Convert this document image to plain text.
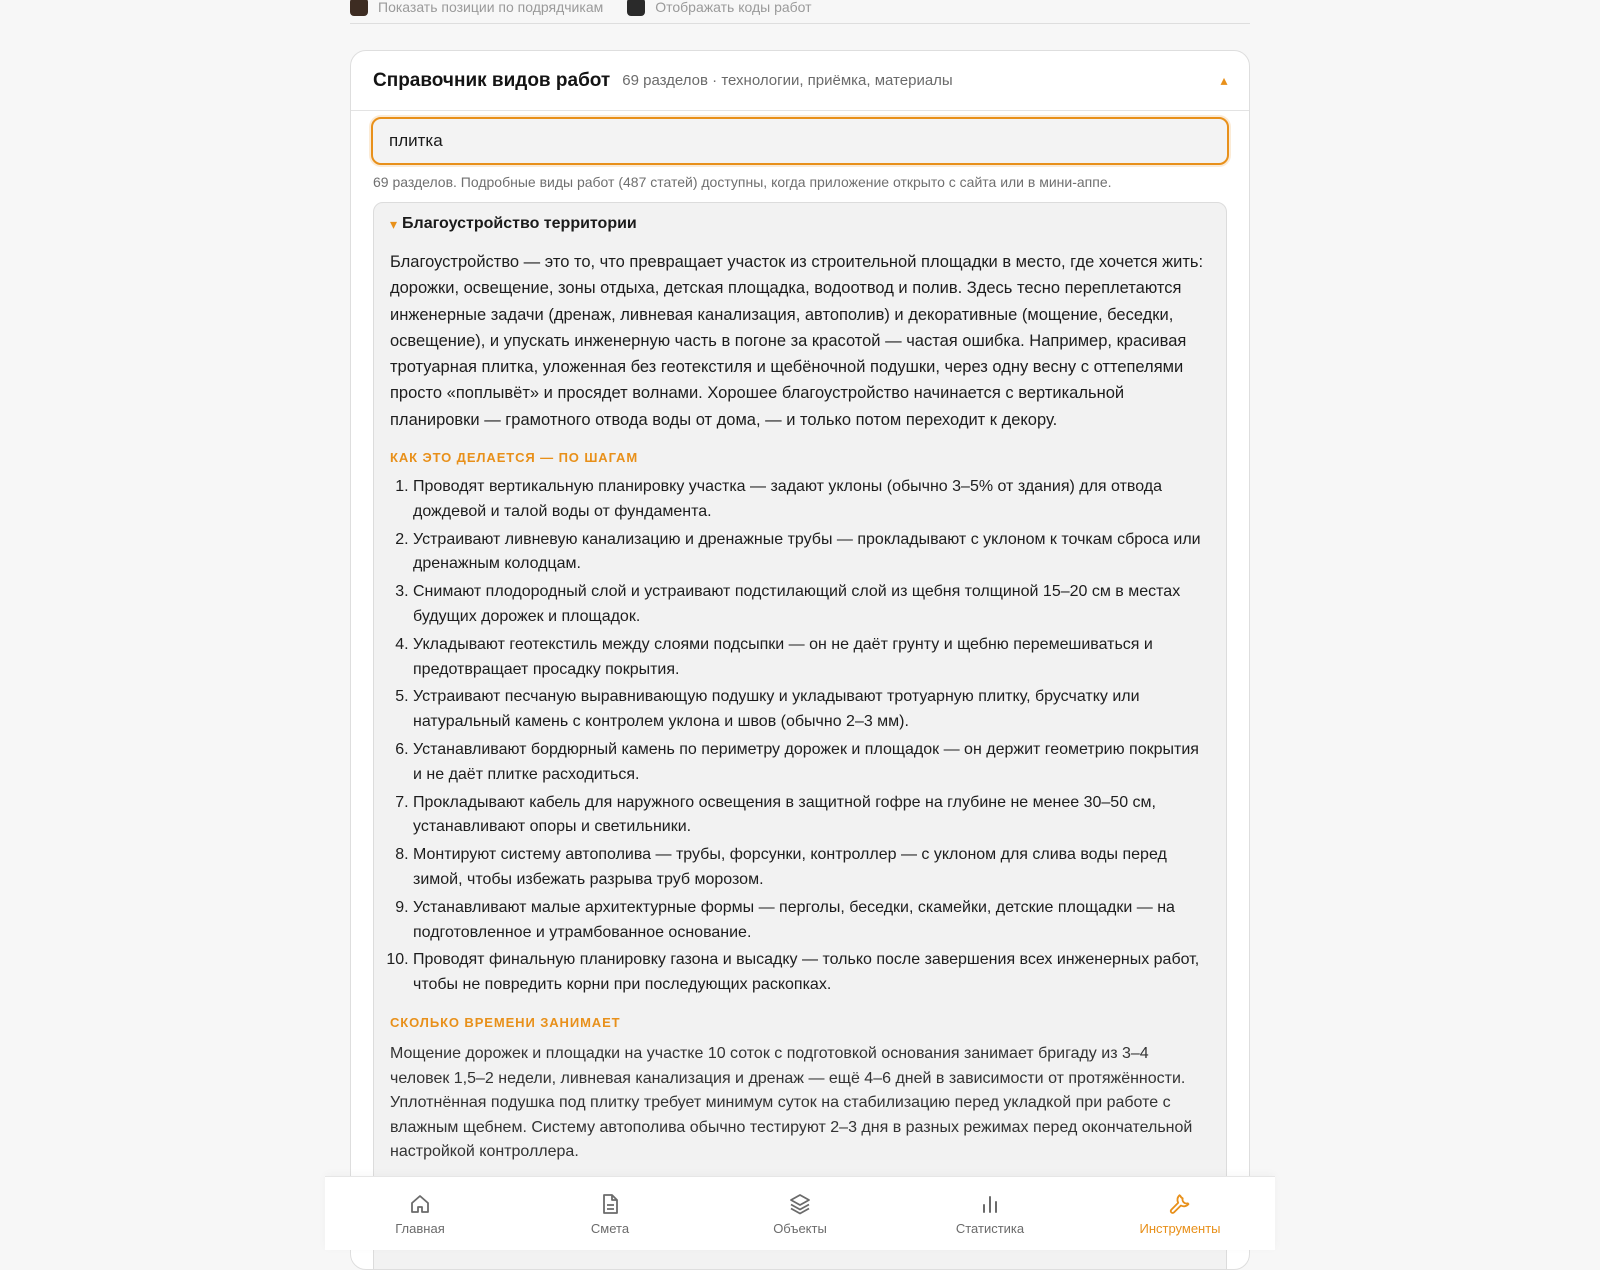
Показать позиции по подрядчикам	Отображать коды работ
Справочник видов работ 69 разделов · технологии, приёмка, материалы	▴
плитка
69 разделов. Подробные виды работ (487 статей) доступны, когда приложение открыто с сайта или в мини-аппе.
▾ Благоустройство территории

Благоустройство — это то, что превращает участок из строительной площадки в место, где хочется жить: дорожки, освещение, зоны отдыха, детская площадка, водоотвод и полив. Здесь тесно переплетаются инженерные задачи (дренаж, ливневая канализация, автополив) и декоративные (мощение, беседки, освещение), и упускать инженерную часть в погоне за красотой — частая ошибка. Например, красивая тротуарная плитка, уложенная без геотекстиля и щебёночной подушки, через одну весну с оттепелями просто «поплывёт» и просядет волнами. Хорошее благоустройство начинается с вертикальной планировки — грамотного отвода воды от дома, — и только потом переходит к декору.

КАК ЭТО ДЕЛАЕТСЯ — ПО ШАГАМ
1. Проводят вертикальную планировку участка — задают уклоны (обычно 3–5% от здания) для отвода дождевой и талой воды от фундамента.
2. Устраивают ливневую канализацию и дренажные трубы — прокладывают с уклоном к точкам сброса или дренажным колодцам.
3. Снимают плодородный слой и устраивают подстилающий слой из щебня толщиной 15–20 см в местах будущих дорожек и площадок.
4. Укладывают геотекстиль между слоями подсыпки — он не даёт грунту и щебню перемешиваться и предотвращает просадку покрытия.
5. Устраивают песчаную выравнивающую подушку и укладывают тротуарную плитку, брусчатку или натуральный камень с контролем уклона и швов (обычно 2–3 мм).
6. Устанавливают бордюрный камень по периметру дорожек и площадок — он держит геометрию покрытия и не даёт плитке расходиться.
7. Прокладывают кабель для наружного освещения в защитной гофре на глубине не менее 30–50 см, устанавливают опоры и светильники.
8. Монтируют систему автополива — трубы, форсунки, контроллер — с уклоном для слива воды перед зимой, чтобы избежать разрыва труб морозом.
9. Устанавливают малые архитектурные формы — перголы, беседки, скамейки, детские площадки — на подготовленное и утрамбованное основание.
10. Проводят финальную планировку газона и высадку — только после завершения всех инженерных работ, чтобы не повредить корни при последующих раскопках.
СКОЛЬКО ВРЕМЕНИ ЗАНИМАЕТ

Мощение дорожек и площадки на участке 10 соток с подготовкой основания занимает бригаду из 3–4 человек 1,5–2 недели, ливневая канализация и дренаж — ещё 4–6 дней в зависимости от протяжённости. Уплотнённая подушка под плитку требует минимум суток на стабилизацию перед укладкой при работе с влажным щебнем. Систему автополива обычно тестируют 2–3 дня в разных режимах перед окончательной настройкой контроллера.

Главная	Смета	Объекты	Статистика	Инструменты
